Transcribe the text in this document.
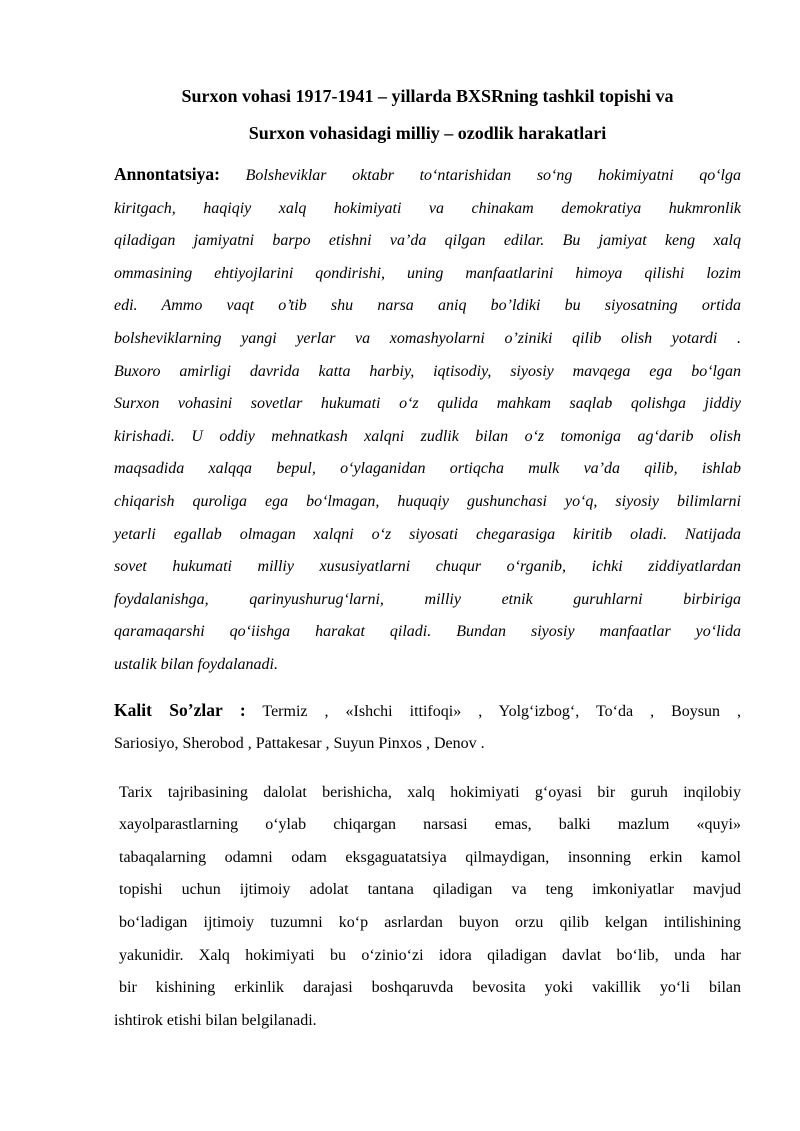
Surxon vohasi 1917-1941 – yillarda BXSRning tashkil topishi va
Surxon vohasidagi milliy – ozodlik harakatlari
Annontatsiya: Bolsheviklar oktabr to‘ntarishidan so‘ng hokimiyatni qo‘lga
kiritgach, haqiqiy xalq hokimiyati va chinakam demokratiya hukmronlik
qiladigan jamiyatni barpo etishni va’da qilgan edilar. Bu jamiyat keng xalq
ommasining ehtiyojlarini qondirishi, uning manfaatlarini himoya qilishi lozim
edi. Ammo vaqt o’tib shu narsa aniq bo’ldiki bu siyosatning ortida
bolsheviklarning yangi yerlar va xomashyolarni o’ziniki qilib olish yotardi .
Buxoro amirligi davrida katta harbiy, iqtisodiy, siyosiy mavqega ega bo‘lgan
Surxon vohasini sovetlar hukumati o‘z qulida mahkam saqlab qolishga jiddiy
kirishadi. U oddiy mehnatkash xalqni zudlik bilan o‘z tomoniga ag‘darib olish
maqsadida xalqqa bepul, o‘ylaganidan ortiqcha mulk va’da qilib, ishlab
chiqarish quroliga ega bo‘lmagan, huquqiy gushunchasi yo‘q, siyosiy bilimlarni
yetarli egallab olmagan xalqni o‘z siyosati chegarasiga kiritib oladi. Natijada
sovet hukumati milliy xususiyatlarni chuqur o‘rganib, ichki ziddiyatlardan
foydalanishga, qarinyushurug‘larni, milliy etnik guruhlarni birbiriga
qaramaqarshi qo‘iishga harakat qiladi. Bundan siyosiy manfaatlar yo‘lida
ustalik bilan foydalanadi.
Kalit So’zlar : Termiz , «Ishchi ittifoqi» , Yolg‘izbog‘, To‘da , Boysun ,
Sariosiyo, Sherobod , Pattakesar , Suyun Pinxos , Denov .
Tarix tajribasining dalolat berishicha, xalq hokimiyati g‘oyasi bir guruh inqilobiy
xayolparastlarning o‘ylab chiqargan narsasi emas, balki mazlum «quyi»
tabaqalarning odamni odam eksgaguatatsiya qilmaydigan, insonning erkin kamol
topishi uchun ijtimoiy adolat tantana qiladigan va teng imkoniyatlar mavjud
bo‘ladigan ijtimoiy tuzumni ko‘p asrlardan buyon orzu qilib kelgan intilishining
yakunidir. Xalq hokimiyati bu o‘zinio‘zi idora qiladigan davlat bo‘lib, unda har
bir kishining erkinlik darajasi boshqaruvda bevosita yoki vakillik yo‘li bilan
ishtirok etishi bilan belgilanadi.
